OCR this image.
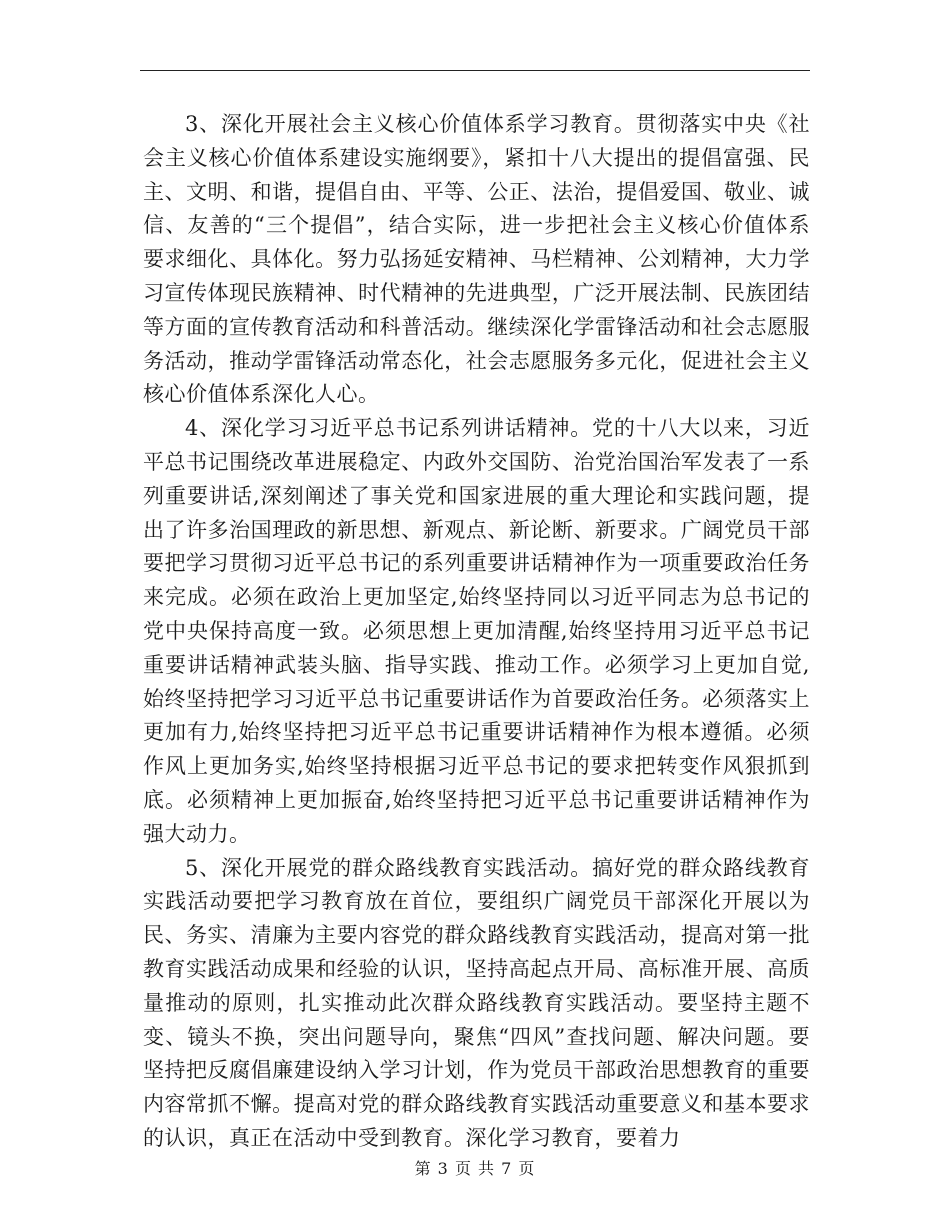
3、深化开展社会主义核心价值体系学习教育。贯彻落实中央《社会主义核心价值体系建设实施纲要》，紧扣十八大提出的提倡富强、民主、文明、和谐，提倡自由、平等、公正、法治，提倡爱国、敬业、诚信、友善的“三个提倡”，结合实际，进一步把社会主义核心价值体系要求细化、具体化。努力弘扬延安精神、马栏精神、公刘精神，大力学习宣传体现民族精神、时代精神的先进典型，广泛开展法制、民族团结等方面的宣传教育活动和科普活动。继续深化学雷锋活动和社会志愿服务活动，推动学雷锋活动常态化，社会志愿服务多元化，促进社会主义核心价值体系深化人心。

4、深化学习习近平总书记系列讲话精神。党的十八大以来，习近平总书记围绕改革进展稳定、内政外交国防、治党治国治军发表了一系列重要讲话,深刻阐述了事关党和国家进展的重大理论和实践问题，提出了许多治国理政的新思想、新观点、新论断、新要求。广阔党员干部要把学习贯彻习近平总书记的系列重要讲话精神作为一项重要政治任务来完成。必须在政治上更加坚定,始终坚持同以习近平同志为总书记的党中央保持高度一致。必须思想上更加清醒,始终坚持用习近平总书记重要讲话精神武装头脑、指导实践、推动工作。必须学习上更加自觉,始终坚持把学习习近平总书记重要讲话作为首要政治任务。必须落实上更加有力,始终坚持把习近平总书记重要讲话精神作为根本遵循。必须作风上更加务实,始终坚持根据习近平总书记的要求把转变作风狠抓到底。必须精神上更加振奋,始终坚持把习近平总书记重要讲话精神作为强大动力。

5、深化开展党的群众路线教育实践活动。搞好党的群众路线教育实践活动要把学习教育放在首位，要组织广阔党员干部深化开展以为民、务实、清廉为主要内容党的群众路线教育实践活动，提高对第一批教育实践活动成果和经验的认识，坚持高起点开局、高标准开展、高质量推动的原则，扎实推动此次群众路线教育实践活动。要坚持主题不变、镜头不换，突出问题导向，聚焦“四风”查找问题、解决问题。要坚持把反腐倡廉建设纳入学习计划，作为党员干部政治思想教育的重要内容常抓不懈。提高对党的群众路线教育实践活动重要意义和基本要求的认识，真正在活动中受到教育。深化学习教育，要着力

第 3 页 共 7 页
